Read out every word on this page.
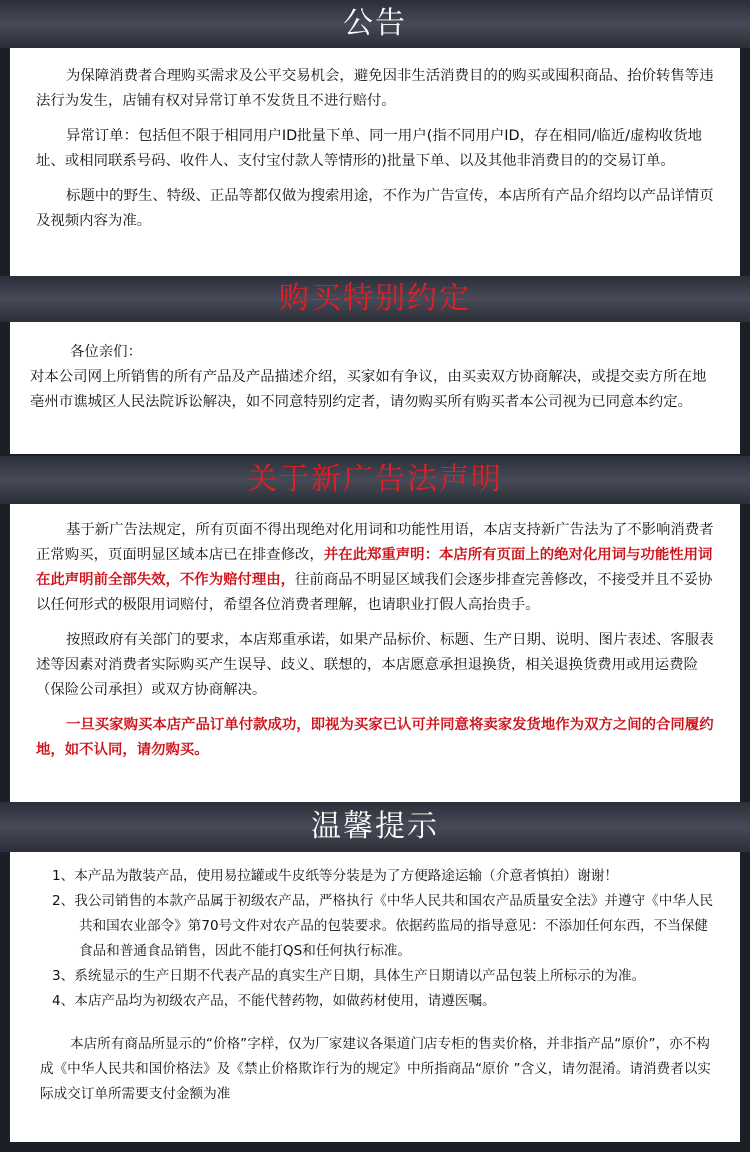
公告

为保障消费者合理购买需求及公平交易机会，避免因非生活消费目的的购买或囤积商品、抬价转售等违法行为发生，店铺有权对异常订单不发货且不进行赔付。

异常订单：包括但不限于相同用户ID批量下单、同一用户(指不同用户ID，存在相同/临近/虚构收货地址、或相同联系号码、收件人、支付宝付款人等情形的)批量下单、以及其他非消费目的的交易订单。

标题中的野生、特级、正品等都仅做为搜索用途，不作为广告宣传，本店所有产品介绍均以产品详情页及视频内容为准。

购买特别约定

各位亲们：

对本公司网上所销售的所有产品及产品描述介绍，买家如有争议，由买卖双方协商解决，或提交卖方所在地亳州市谯城区人民法院诉讼解决，如不同意特别约定者，请勿购买所有购买者本公司视为已同意本约定。

关于新广告法声明

基于新广告法规定，所有页面不得出现绝对化用词和功能性用语，本店支持新广告法为了不影响消费者正常购买，页面明显区域本店已在排查修改，并在此郑重声明：本店所有页面上的绝对化用词与功能性用词在此声明前全部失效，不作为赔付理由，往前商品不明显区域我们会逐步排查完善修改，不接受并且不妥协以任何形式的极限用词赔付，希望各位消费者理解，也请职业打假人高抬贵手。

按照政府有关部门的要求，本店郑重承诺，如果产品标价、标题、生产日期、说明、图片表述、客服表述等因素对消费者实际购买产生误导、歧义、联想的，本店愿意承担退换货，相关退换货费用或用运费险（保险公司承担）或双方协商解决。

一旦买家购买本店产品订单付款成功，即视为买家已认可并同意将卖家发货地作为双方之间的合同履约地，如不认同，请勿购买。

温馨提示

1、本产品为散装产品，使用易拉罐或牛皮纸等分装是为了方便路途运输（介意者慎拍）谢谢！

2、我公司销售的本款产品属于初级农产品，严格执行《中华人民共和国农产品质量安全法》并遵守《中华人民共和国农业部令》第70号文件对农产品的包装要求。依据药监局的指导意见：不添加任何东西，不当保健食品和普通食品销售，因此不能打QS和任何执行标准。

3、系统显示的生产日期不代表产品的真实生产日期，具体生产日期请以产品包装上所标示的为准。

4、本店产品均为初级农产品，不能代替药物，如做药材使用，请遵医嘱。

本店所有商品所显示的“价格”字样，仅为厂家建议各渠道门店专柜的售卖价格，并非指产品“原价”，亦不构成《中华人民共和国价格法》及《禁止价格欺诈行为的规定》中所指商品“原价 ”含义，请勿混淆。请消费者以实际成交订单所需要支付金额为准
